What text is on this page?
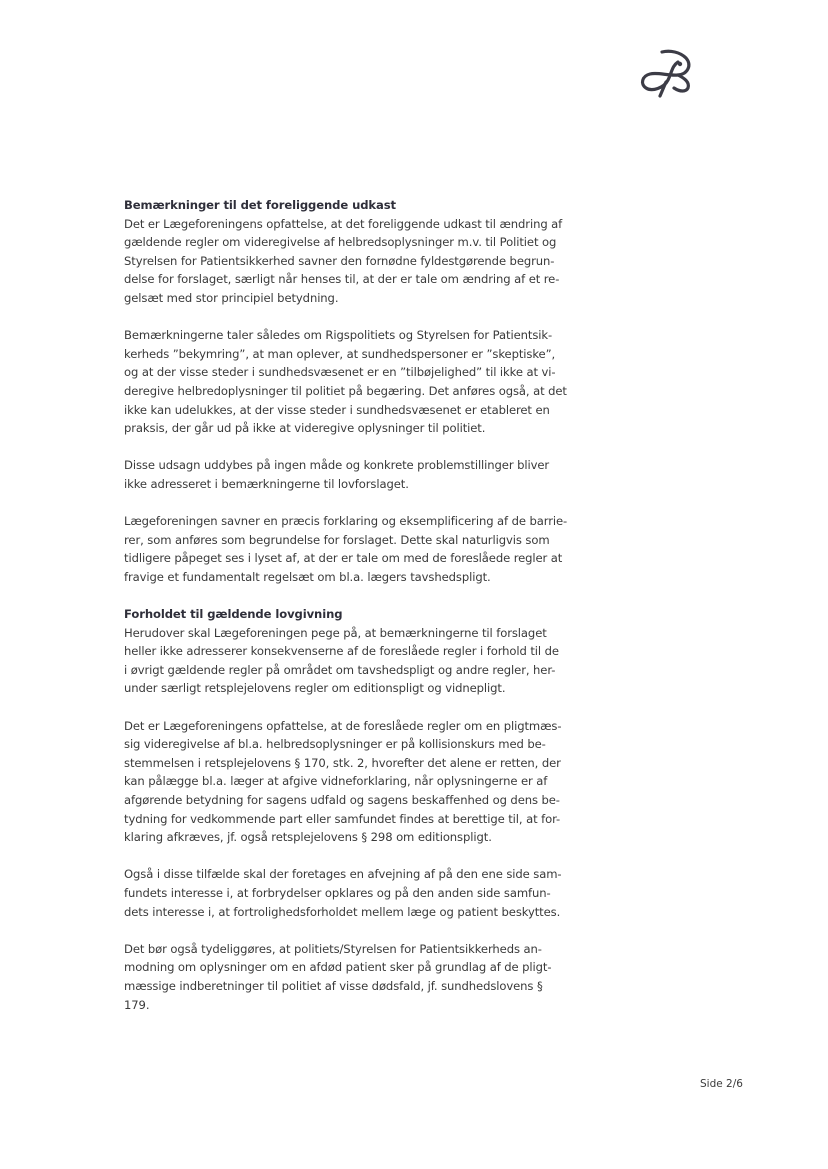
Bemærkninger til det foreliggende udkast

Det er Lægeforeningens opfattelse, at det foreliggende udkast til ændring af
gældende regler om videregivelse af helbredsoplysninger m.v. til Politiet og
Styrelsen for Patientsikkerhed savner den fornødne fyldestgørende begrun-
delse for forslaget, særligt når henses til, at der er tale om ændring af et re-
gelsæt med stor principiel betydning.
Bemærkningerne taler således om Rigspolitiets og Styrelsen for Patientsik-
kerheds ”bekymring”, at man oplever, at sundhedspersoner er ”skeptiske”,
og at der visse steder i sundhedsvæsenet er en ”tilbøjelighed” til ikke at vi-
deregive helbredoplysninger til politiet på begæring. Det anføres også, at det
ikke kan udelukkes, at der visse steder i sundhedsvæsenet er etableret en
praksis, der går ud på ikke at videregive oplysninger til politiet.
Disse udsagn uddybes på ingen måde og konkrete problemstillinger bliver
ikke adresseret i bemærkningerne til lovforslaget.
Lægeforeningen savner en præcis forklaring og eksemplificering af de barrie-
rer, som anføres som begrundelse for forslaget. Dette skal naturligvis som
tidligere påpeget ses i lyset af, at der er tale om med de foreslåede regler at
fravige et fundamentalt regelsæt om bl.a. lægers tavshedspligt.

Forholdet til gældende lovgivning

Herudover skal Lægeforeningen pege på, at bemærkningerne til forslaget
heller ikke adresserer konsekvenserne af de foreslåede regler i forhold til de
i øvrigt gældende regler på området om tavshedspligt og andre regler, her-
under særligt retsplejelovens regler om editionspligt og vidnepligt.
Det er Lægeforeningens opfattelse, at de foreslåede regler om en pligtmæs-
sig videregivelse af bl.a. helbredsoplysninger er på kollisionskurs med be-
stemmelsen i retsplejelovens § 170, stk. 2, hvorefter det alene er retten, der
kan pålægge bl.a. læger at afgive vidneforklaring, når oplysningerne er af
afgørende betydning for sagens udfald og sagens beskaffenhed og dens be-
tydning for vedkommende part eller samfundet findes at berettige til, at for-
klaring afkræves, jf. også retsplejelovens § 298 om editionspligt.
Også i disse tilfælde skal der foretages en afvejning af på den ene side sam-
fundets interesse i, at forbrydelser opklares og på den anden side samfun-
dets interesse i, at fortrolighedsforholdet mellem læge og patient beskyttes.
Det bør også tydeliggøres, at politiets/Styrelsen for Patientsikkerheds an-
modning om oplysninger om en afdød patient sker på grundlag af de pligt-
mæssige indberetninger til politiet af visse dødsfald, jf. sundhedslovens §
179.
Side 2/6
